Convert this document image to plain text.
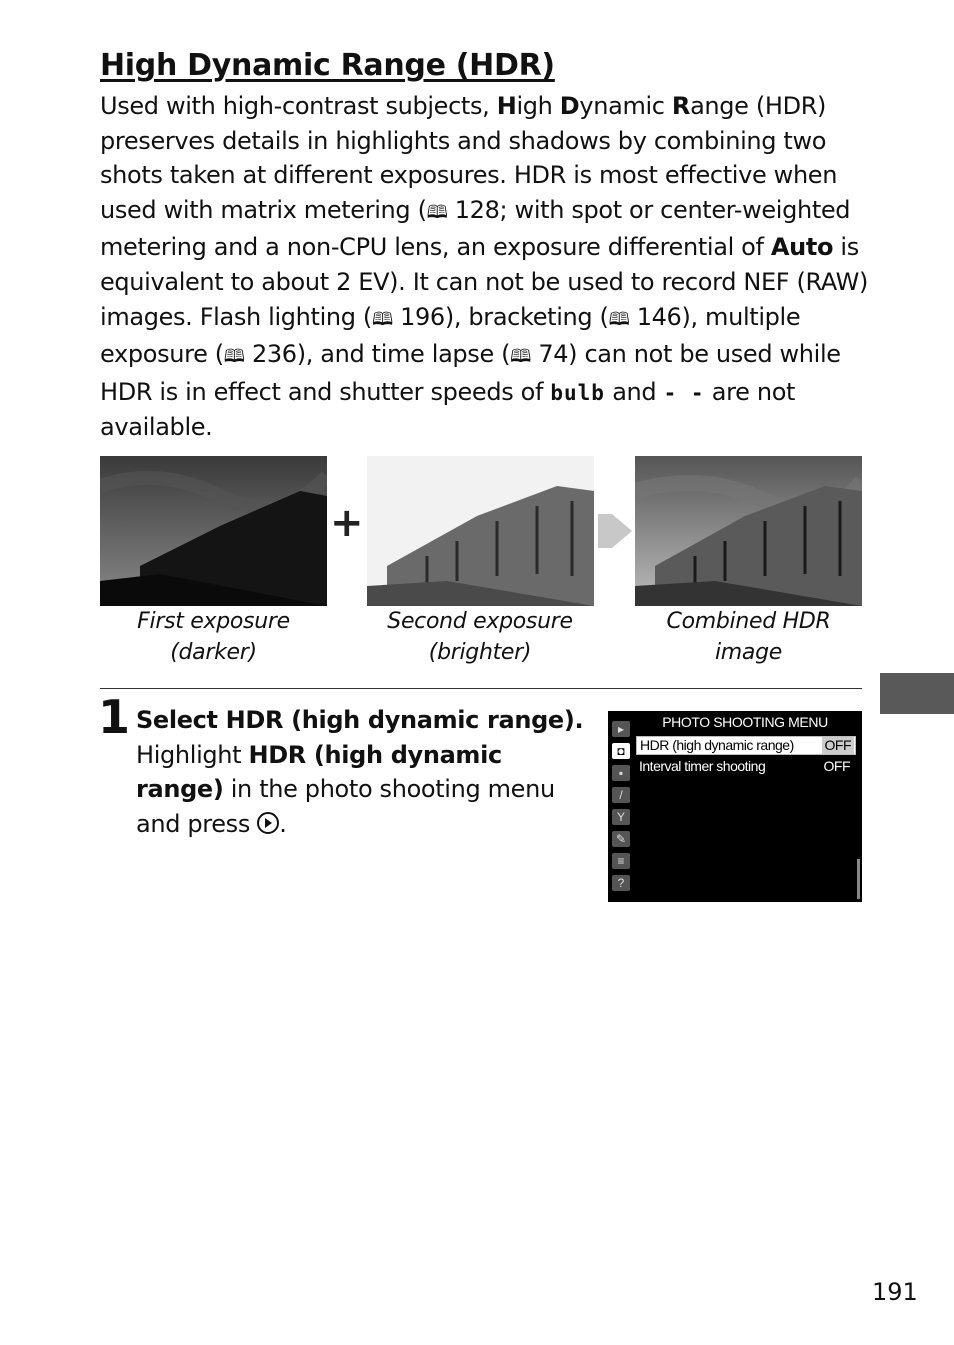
High Dynamic Range (HDR)
Used with high-contrast subjects, High Dynamic Range (HDR) preserves details in highlights and shadows by combining two shots taken at different exposures. HDR is most effective when used with matrix metering (🕮 128; with spot or center-weighted metering and a non-CPU lens, an exposure differential of Auto is equivalent to about 2 EV). It can not be used to record NEF (RAW) images. Flash lighting (🕮 196), bracketing (🕮 146), multiple exposure (🕮 236), and time lapse (🕮 74) can not be used while HDR is in effect and shutter speeds of bulb and - - are not available.
+
First exposure (darker)
Second exposure (brighter)
Combined HDR image
1 Select HDR (high dynamic range).
Highlight HDR (high dynamic range) in the photo shooting menu and press .
PHOTO SHOOTING MENU
▸
◘
▪
/
Y
✎
≡
?
HDR (high dynamic range) OFF
Interval timer shooting	OFF
191
